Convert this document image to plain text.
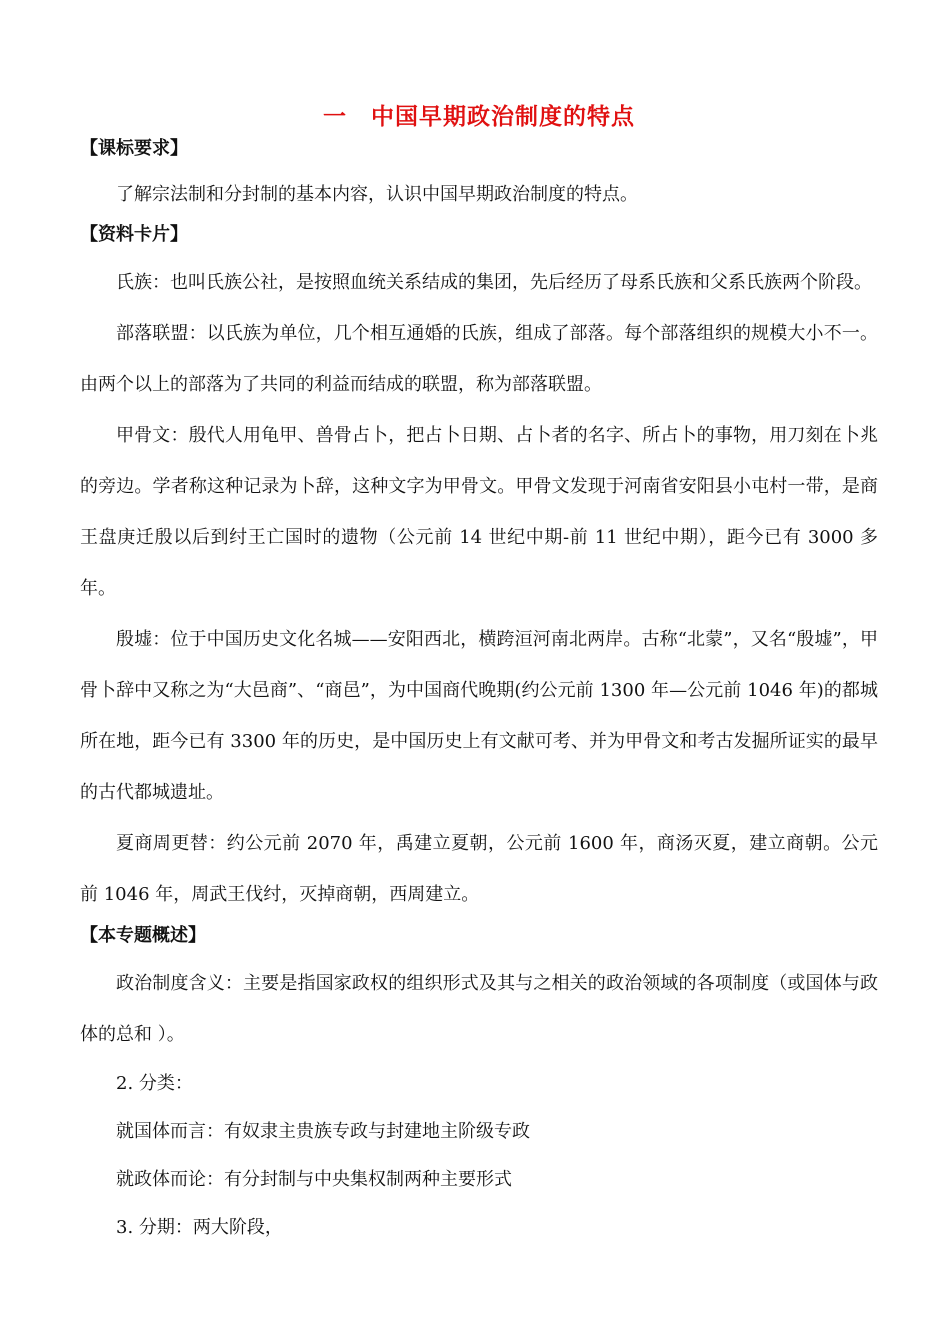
一 中国早期政治制度的特点
【课标要求】

了解宗法制和分封制的基本内容，认识中国早期政治制度的特点。

【资料卡片】

氏族：也叫氏族公社，是按照血统关系结成的集团，先后经历了母系氏族和父系氏族两个阶段。

部落联盟：以氏族为单位，几个相互通婚的氏族，组成了部落。每个部落组织的规模大小不一。由两个以上的部落为了共同的利益而结成的联盟，称为部落联盟。

甲骨文：殷代人用龟甲、兽骨占卜，把占卜日期、占卜者的名字、所占卜的事物，用刀刻在卜兆的旁边。学者称这种记录为卜辞，这种文字为甲骨文。甲骨文发现于河南省安阳县小屯村一带，是商王盘庚迁殷以后到纣王亡国时的遗物（公元前 14 世纪中期-前 11 世纪中期），距今已有 3000 多年。

殷墟：位于中国历史文化名城——安阳西北，横跨洹河南北两岸。古称“北蒙”，又名“殷墟”，甲骨卜辞中又称之为“大邑商”、“商邑”，为中国商代晚期(约公元前 1300 年—公元前 1046 年)的都城所在地，距今已有 3300 年的历史，是中国历史上有文献可考、并为甲骨文和考古发掘所证实的最早的古代都城遗址。

夏商周更替：约公元前 2070 年，禹建立夏朝，公元前 1600 年，商汤灭夏，建立商朝。公元前 1046 年，周武王伐纣，灭掉商朝，西周建立。

【本专题概述】

政治制度含义：主要是指国家政权的组织形式及其与之相关的政治领域的各项制度（或国体与政体的总和 ）。

2. 分类：

就国体而言：有奴隶主贵族专政与封建地主阶级专政

就政体而论：有分封制与中央集权制两种主要形式

3. 分期：两大阶段，
